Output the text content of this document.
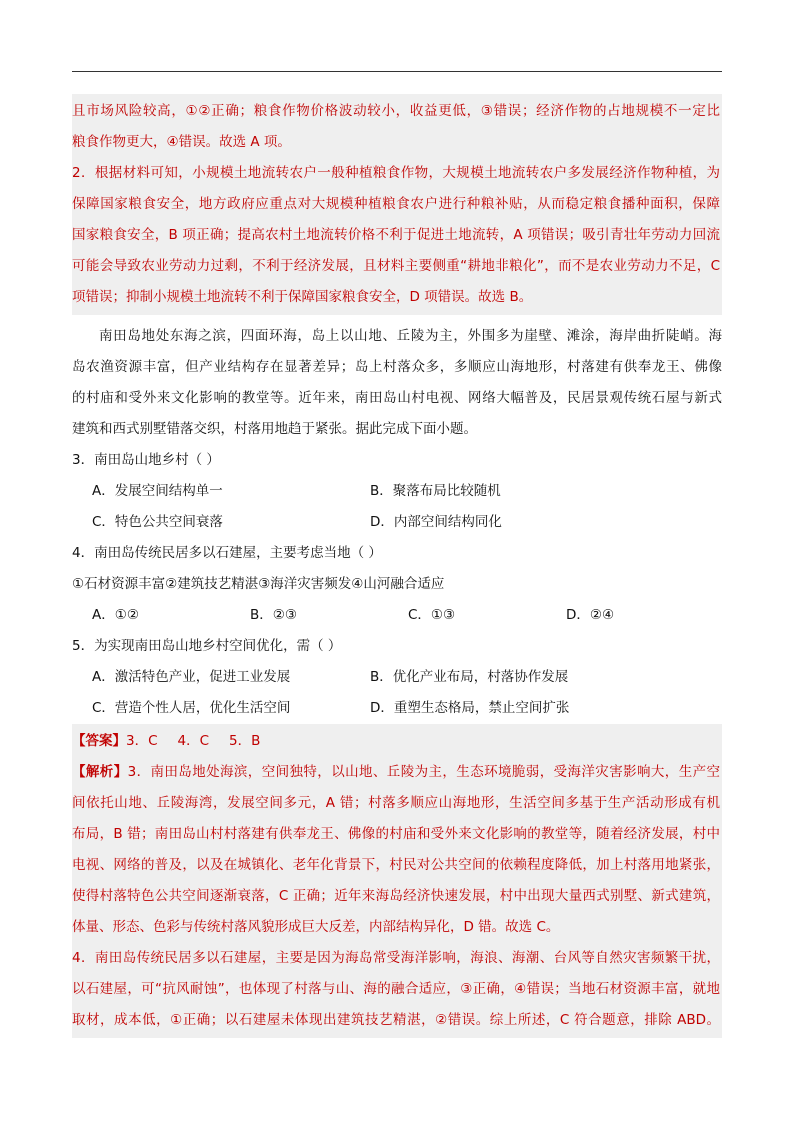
且市场风险较高，①②正确；粮食作物价格波动较小，收益更低，③错误；经济作物的占地规模不一定比
粮食作物更大，④错误。故选 A 项。
2．根据材料可知，小规模土地流转农户一般种植粮食作物，大规模土地流转农户多发展经济作物种植，为
保障国家粮食安全，地方政府应重点对大规模种植粮食农户进行种粮补贴，从而稳定粮食播种面积，保障
国家粮食安全，B 项正确；提高农村土地流转价格不利于促进土地流转，A 项错误；吸引青壮年劳动力回流
可能会导致农业劳动力过剩，不利于经济发展，且材料主要侧重“耕地非粮化”，而不是农业劳动力不足，C
项错误；抑制小规模土地流转不利于保障国家粮食安全，D 项错误。故选 B。
南田岛地处东海之滨，四面环海，岛上以山地、丘陵为主，外围多为崖壁、滩涂，海岸曲折陡峭。海
岛农渔资源丰富，但产业结构存在显著差异；岛上村落众多，多顺应山海地形，村落建有供奉龙王、佛像
的村庙和受外来文化影响的教堂等。近年来，南田岛山村电视、网络大幅普及，民居景观传统石屋与新式
建筑和西式别墅错落交织，村落用地趋于紧张。据此完成下面小题。
3．南田岛山地乡村（ ）
A．发展空间结构单一	B．聚落布局比较随机
C．特色公共空间衰落	D．内部空间结构同化
4．南田岛传统民居多以石建屋，主要考虑当地（ ）
①石材资源丰富②建筑技艺精湛③海洋灾害频发④山河融合适应
A．①②	B．②③	C．①③	D．②④
5．为实现南田岛山地乡村空间优化，需（ ）
A．激活特色产业，促进工业发展	B．优化产业布局，村落协作发展
C．营造个性人居，优化生活空间	D．重塑生态格局，禁止空间扩张
【答案】3．C 4．C 5．B
【解析】3．南田岛地处海滨，空间独特，以山地、丘陵为主，生态环境脆弱，受海洋灾害影响大，生产空
间依托山地、丘陵海湾，发展空间多元，A 错；村落多顺应山海地形，生活空间多基于生产活动形成有机
布局，B 错；南田岛山村村落建有供奉龙王、佛像的村庙和受外来文化影响的教堂等，随着经济发展，村中
电视、网络的普及，以及在城镇化、老年化背景下，村民对公共空间的依赖程度降低，加上村落用地紧张，
使得村落特色公共空间逐渐衰落，C 正确；近年来海岛经济快速发展，村中出现大量西式别墅、新式建筑，
体量、形态、色彩与传统村落风貌形成巨大反差，内部结构异化，D 错。故选 C。
4．南田岛传统民居多以石建屋，主要是因为海岛常受海洋影响，海浪、海潮、台风等自然灾害频繁干扰，
以石建屋，可“抗风耐蚀”，也体现了村落与山、海的融合适应，③正确，④错误；当地石材资源丰富，就地
取材，成本低，①正确；以石建屋未体现出建筑技艺精湛，②错误。综上所述，C 符合题意，排除 ABD。
